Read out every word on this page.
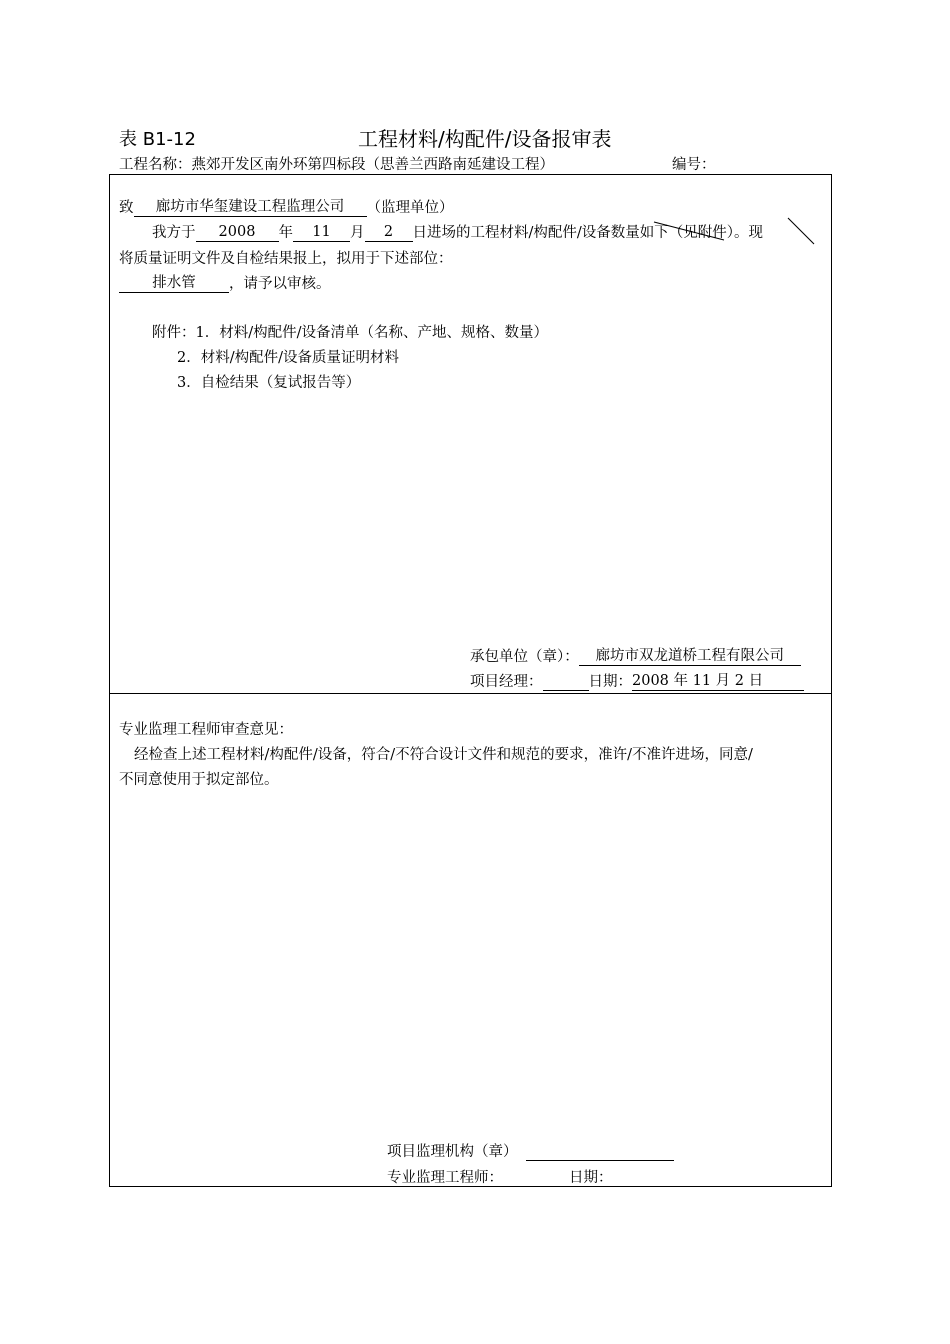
表 B1-12	工程材料/构配件/设备报审表
工程名称：燕郊开发区南外环第四标段（思善兰西路南延建设工程）	编号：
致 廊坊市华玺建设工程监理公司 （监理单位）
我方于 2008 年 11 月 2 日进场的工程材料/构配件/设备数量如下（见附件）。现
将质量证明文件及自检结果报上，拟用于下述部位：
排水管 ，请予以审核。
附件：1．材料/构配件/设备清单（名称、产地、规格、数量）
2．材料/构配件/设备质量证明材料
3．自检结果（复试报告等）
承包单位（章）： 廊坊市双龙道桥工程有限公司
项目经理：	日期：2008 年 11 月 2 日
专业监理工程师审查意见：
经检查上述工程材料/构配件/设备，符合/不符合设计文件和规范的要求，准许/不准许进场，同意/
不同意使用于拟定部位。
项目监理机构（章）
专业监理工程师：	日期：
